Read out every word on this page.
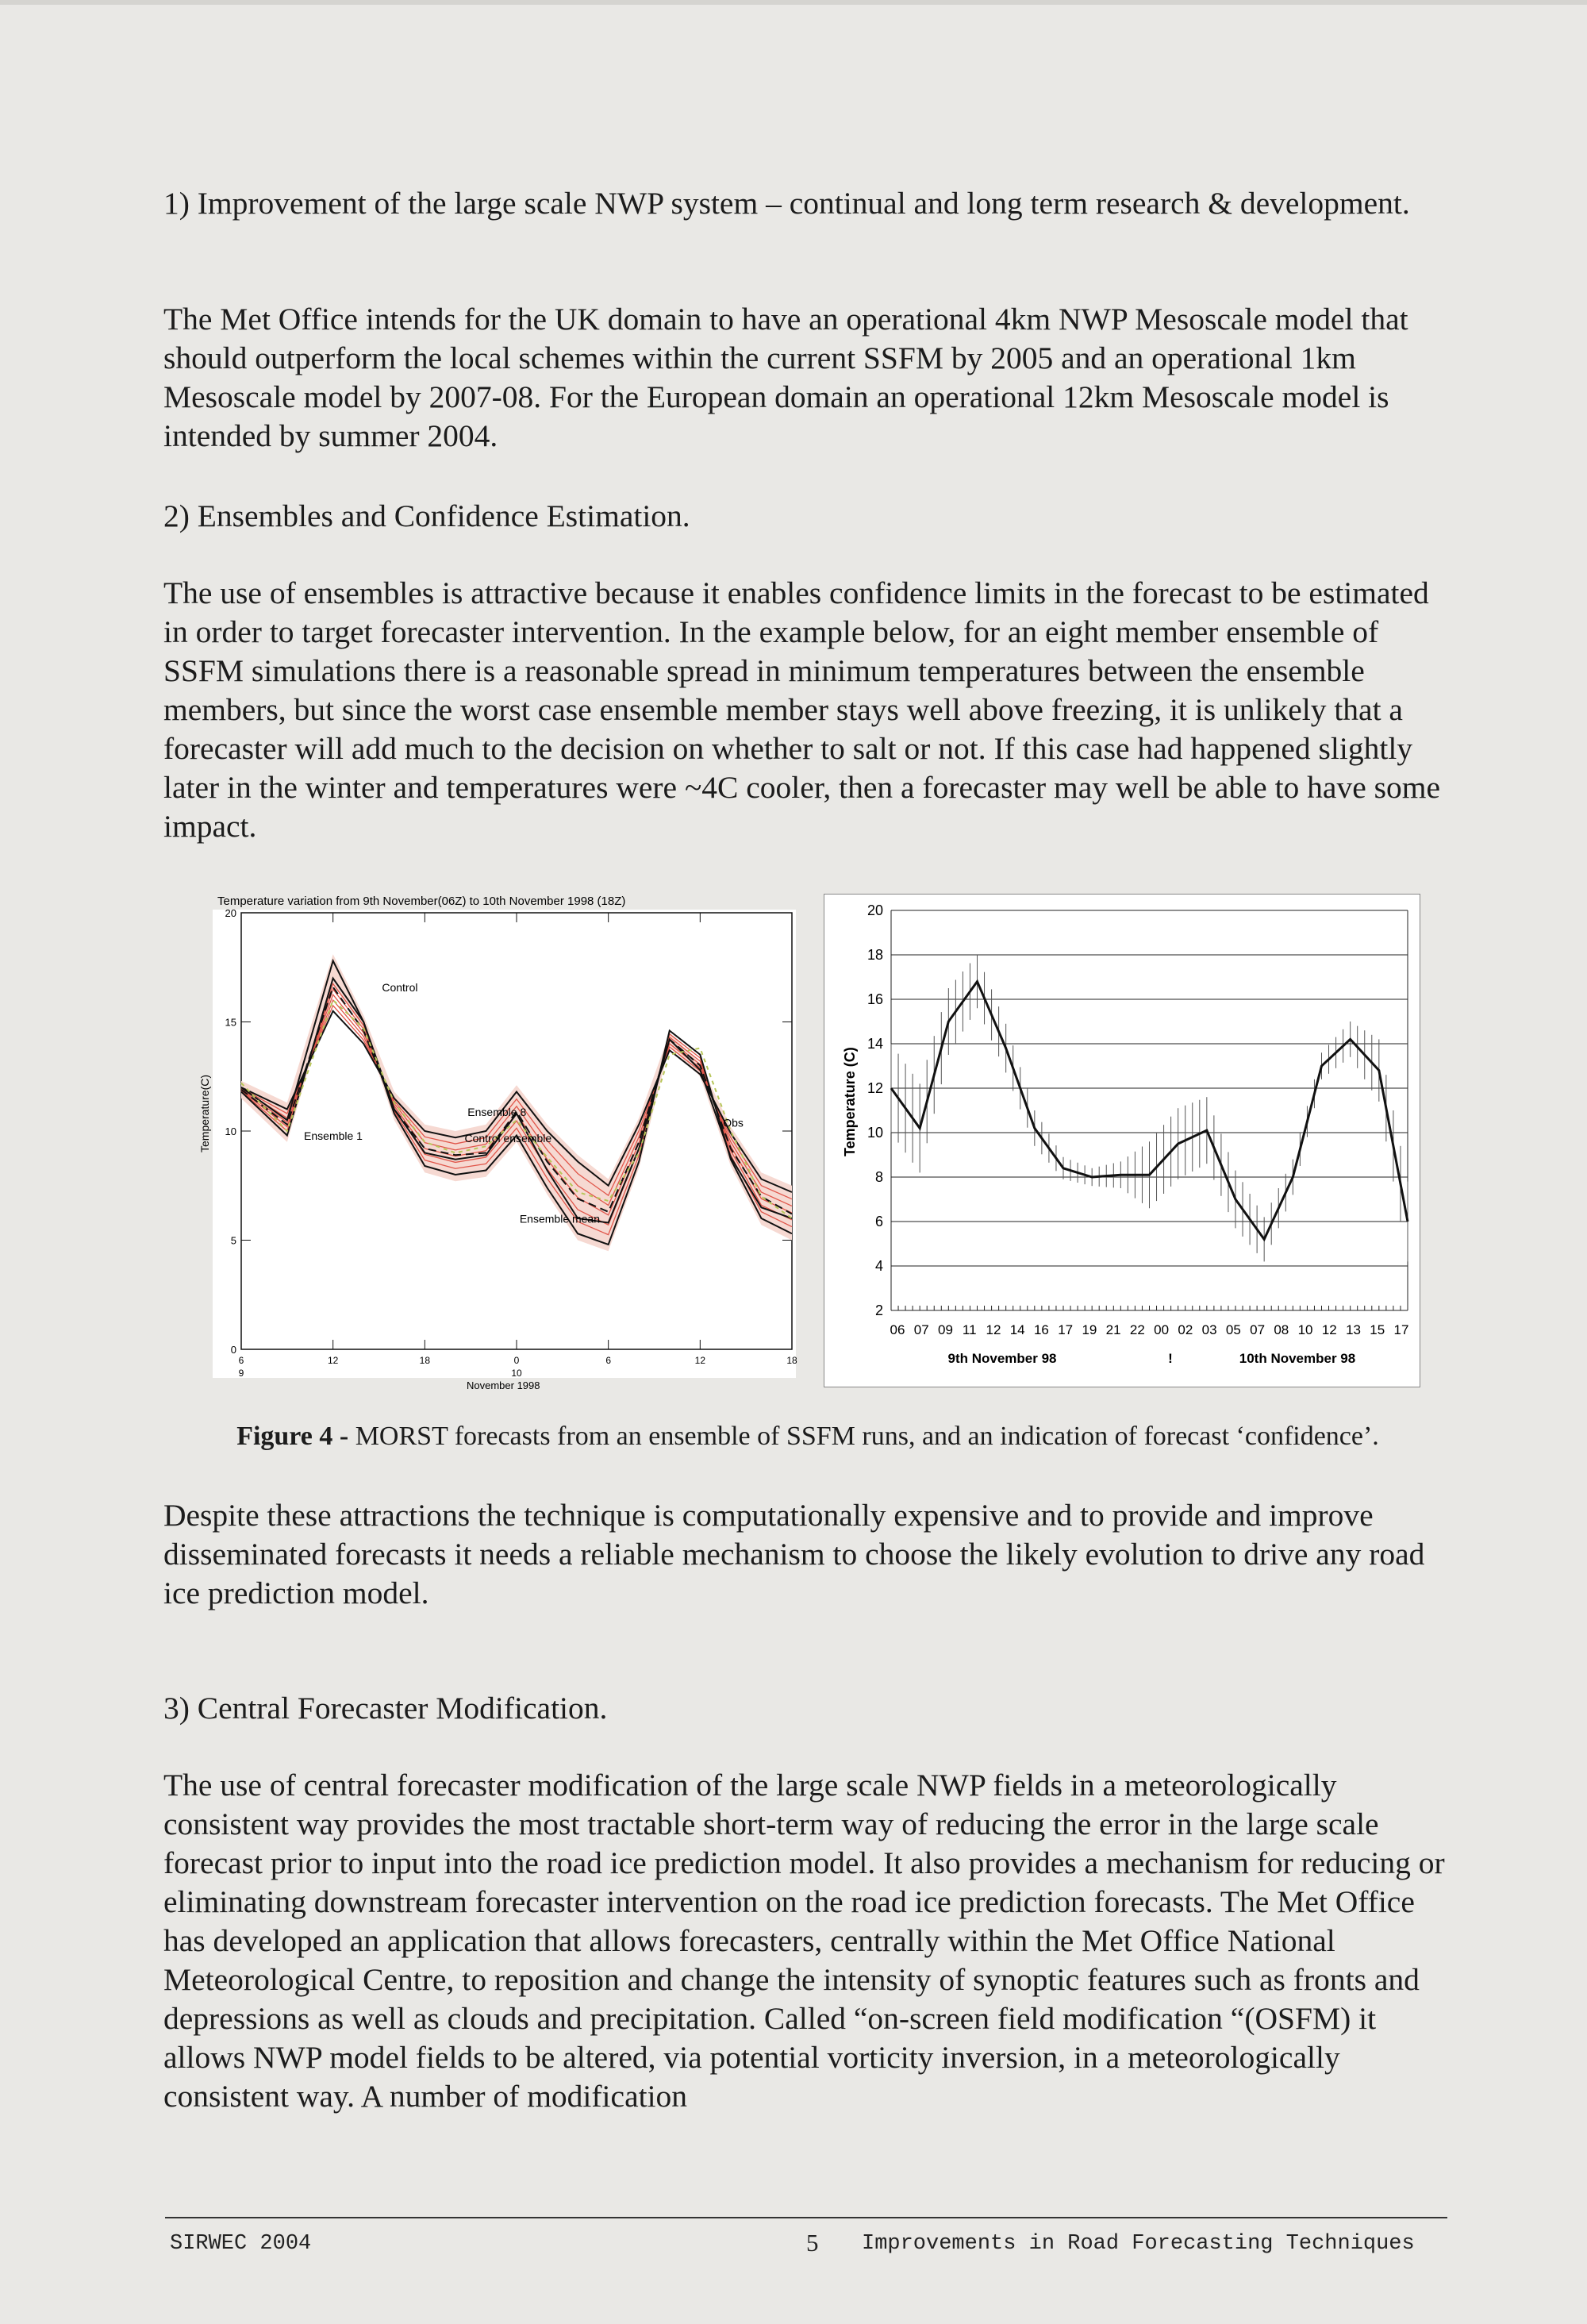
1) Improvement of the large scale NWP system – continual and long term research & development.

The Met Office intends for the UK domain to have an operational 4km NWP Mesoscale model that should outperform the local schemes within the current SSFM by 2005 and an operational 1km Mesoscale model by 2007-08. For the European domain an operational 12km Mesoscale model is intended by summer 2004.

2) Ensembles and Confidence Estimation.

The use of ensembles is attractive because it enables confidence limits in the forecast to be estimated in order to target forecaster intervention. In the example below, for an eight member ensemble of SSFM simulations there is a reasonable spread in minimum temperatures between the ensemble members, but since the worst case ensemble member stays well above freezing, it is unlikely that a forecaster will add much to the decision on whether to salt or not. If this case had happened slightly later in the winter and temperatures were ~4C cooler, then a forecaster may well be able to have some impact.

Temperature variation from 9th November(06Z) to 10th November 1998 (18Z)
Temperature(C)
November 1998
0
5
10
15
20
6	12	18	0	6	12	18
9	10
Control
Ensemble 8
Control ensemble
Ensemble 1
Ensemble mean
Obs	Temperature (C)
2
4
6
8
10
12
14
16
18
20
06 07 09 11 12 14 16 17 19 21 22 00 02 03 05 07 08 10 12 13 15 17
9th November 98	!	10th November 98
Figure 4 - MORST forecasts from an ensemble of SSFM runs, and an indication of forecast ‘confidence’.

Despite these attractions the technique is computationally expensive and to provide and improve disseminated forecasts it needs a reliable mechanism to choose the likely evolution to drive any road ice prediction model.

3) Central Forecaster Modification.

The use of central forecaster modification of the large scale NWP fields in a meteorologically consistent way provides the most tractable short-term way of reducing the error in the large scale forecast prior to input into the road ice prediction model. It also provides a mechanism for reducing or eliminating downstream forecaster intervention on the road ice prediction forecasts. The Met Office has developed an application that allows forecasters, centrally within the Met Office National Meteorological Centre, to reposition and change the intensity of synoptic features such as fronts and depressions as well as clouds and precipitation. Called “on-screen field modification “(OSFM) it allows NWP model fields to be altered, via potential vorticity inversion, in a meteorologically consistent way. A number of modification

SIRWEC 2004	5 Improvements in Road Forecasting Techniques
